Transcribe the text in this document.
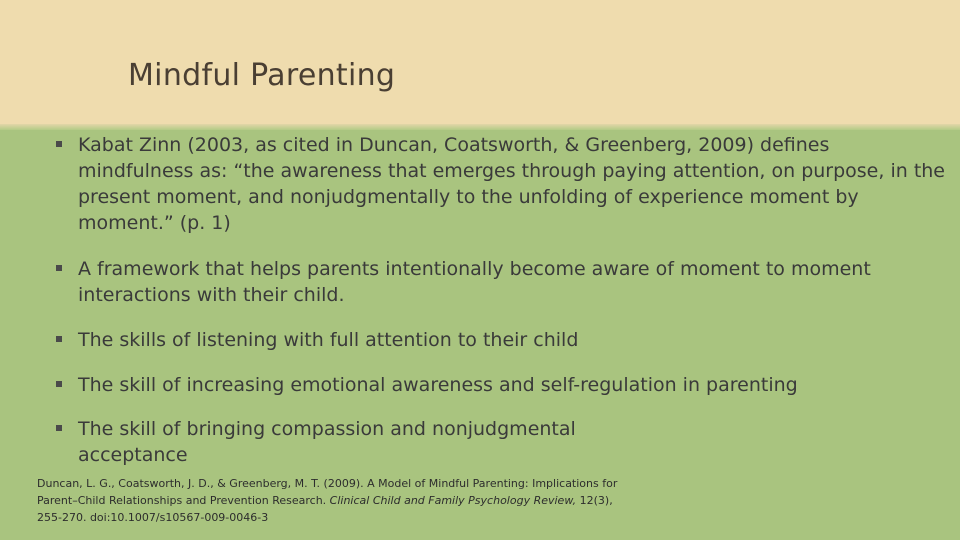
Mindful Parenting
Kabat Zinn (2003, as cited in Duncan, Coatsworth, & Greenberg, 2009) defines mindfulness as: “the awareness that emerges through paying attention, on purpose, in the present moment, and nonjudgmentally to the unfolding of experience moment by moment.” (p. 1)
A framework that helps parents intentionally become aware of moment to moment interactions with their child.
The skills of listening with full attention to their child
The skill of increasing emotional awareness and self-regulation in parenting
The skill of bringing compassion and nonjudgmental acceptance
Duncan, L. G., Coatsworth, J. D., & Greenberg, M. T. (2009). A Model of Mindful Parenting: Implications for Parent–Child Relationships and Prevention Research. Clinical Child and Family Psychology Review, 12(3), 255-270. doi:10.1007/s10567-009-0046-3
